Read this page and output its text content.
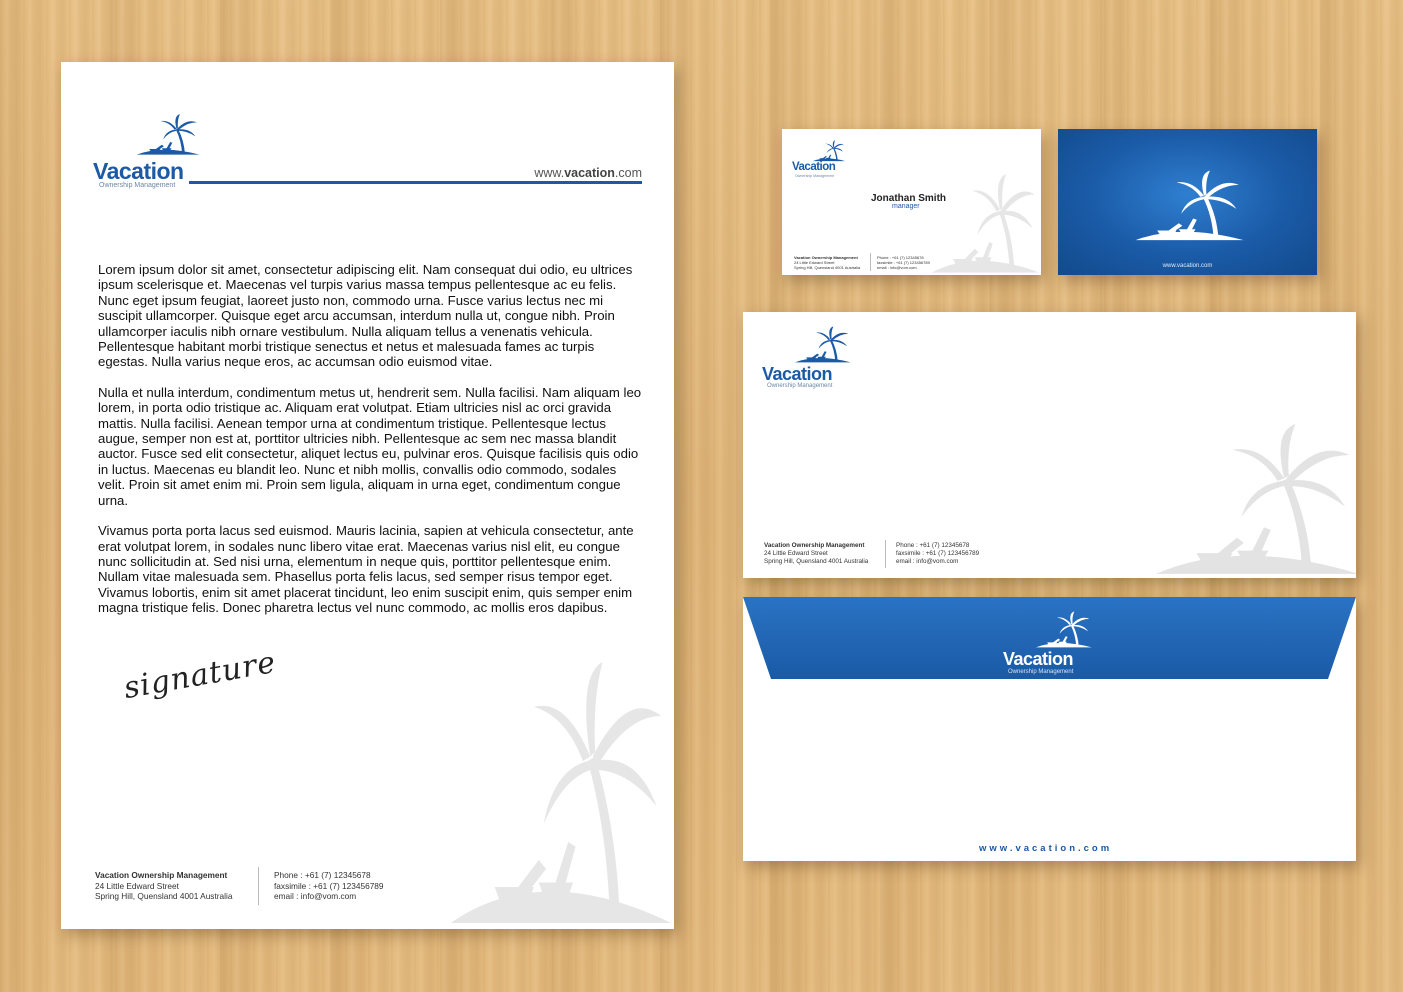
Vacation
Ownership Management
www.vacation.com

Lorem ipsum dolor sit amet, consectetur adipiscing elit. Nam consequat dui odio, eu ultrices ipsum scelerisque et. Maecenas vel turpis varius massa tempus pellentesque ac eu felis. Nunc eget ipsum feugiat, laoreet justo non, commodo urna. Fusce varius lectus nec mi suscipit ullamcorper. Quisque eget arcu accumsan, interdum nulla ut, congue nibh. Proin ullamcorper iaculis nibh ornare vestibulum. Nulla aliquam tellus a venenatis vehicula. Pellentesque habitant morbi tristique senectus et netus et malesuada fames ac turpis egestas. Nulla varius neque eros, ac accumsan odio euismod vitae.

Nulla et nulla interdum, condimentum metus ut, hendrerit sem. Nulla facilisi. Nam aliquam leo lorem, in porta odio tristique ac. Aliquam erat volutpat. Etiam ultricies nisl ac orci gravida mattis. Nulla facilisi. Aenean tempor urna at condimentum tristique. Pellentesque lectus augue, semper non est at, porttitor ultricies nibh. Pellentesque ac sem nec massa blandit auctor. Fusce sed elit consectetur, aliquet lectus eu, pulvinar eros. Quisque facilisis quis odio in luctus. Maecenas eu blandit leo. Nunc et nibh mollis, convallis odio commodo, sodales velit. Proin sit amet enim mi. Proin sem ligula, aliquam in urna eget, condimentum congue urna.

Vivamus porta porta lacus sed euismod. Mauris lacinia, sapien at vehicula consectetur, ante erat volutpat lorem, in sodales nunc libero vitae erat. Maecenas varius nisl elit, eu congue nunc sollicitudin at. Sed nisi urna, elementum in neque quis, porttitor pellentesque enim. Nullam vitae malesuada sem. Phasellus porta felis lacus, sed semper risus tempor eget. Vivamus lobortis, enim sit amet placerat tincidunt, leo enim suscipit enim, quis semper enim magna tristique felis. Donec pharetra lectus vel nunc commodo, ac mollis eros dapibus.

signature
Vacation Ownership Management
24 Little Edward Street
Spring Hill, Quensland 4001 Australia
Phone : +61 (7) 12345678
faxsimile : +61 (7) 123456789
email : info@vom.com
Vacation
Ownership Management
Jonathan Smith
manager
Vacation Ownership Management
24 Little Edward Street
Spring Hill, Quensland 4001 Australia
Phone : +61 (7) 12345678
faxsimile : +61 (7) 123456789
email : info@vom.com	www.vacation.com
Vacation
Ownership Management
Vacation Ownership Management
24 Little Edward Street
Spring Hill, Quensland 4001 Australia
Phone : +61 (7) 12345678
faxsimile : +61 (7) 123456789
email : info@vom.com
Vacation
Ownership Management
www.vacation.com
